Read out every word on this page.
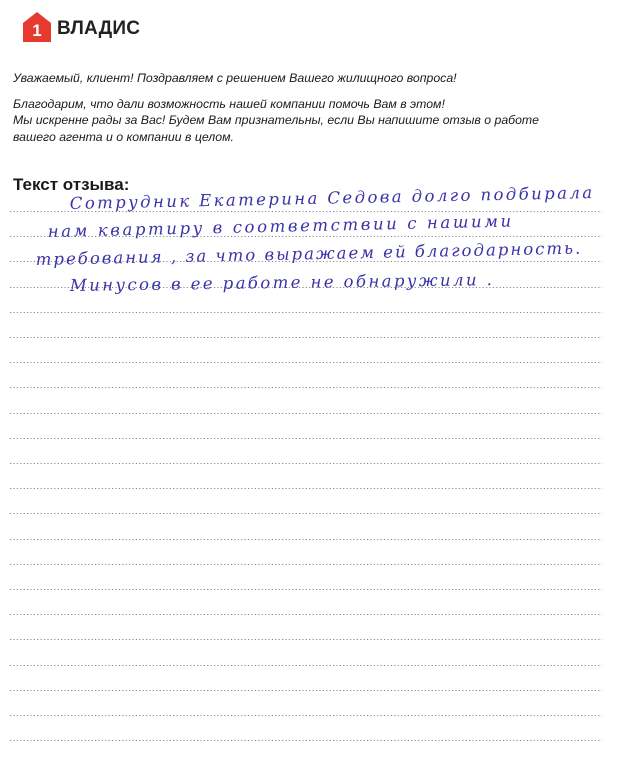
1 ВЛАДИС

Уважаемый, клиент! Поздравляем с решением Вашего жилищного вопроса!

Благодарим, что дали возможность нашей компании помочь Вам в этом!

Мы искренне рады за Вас! Будем Вам признательны, если Вы напишите отзыв о работе

вашего агента и о компании в целом.

Текст отзыва:
Сотрудник Екатерина Седова долго подбирала
нам квартиру в соответствии с нашими
требования , за что выражаем ей благодарность.
Минусов в ее работе не обнаружили .
